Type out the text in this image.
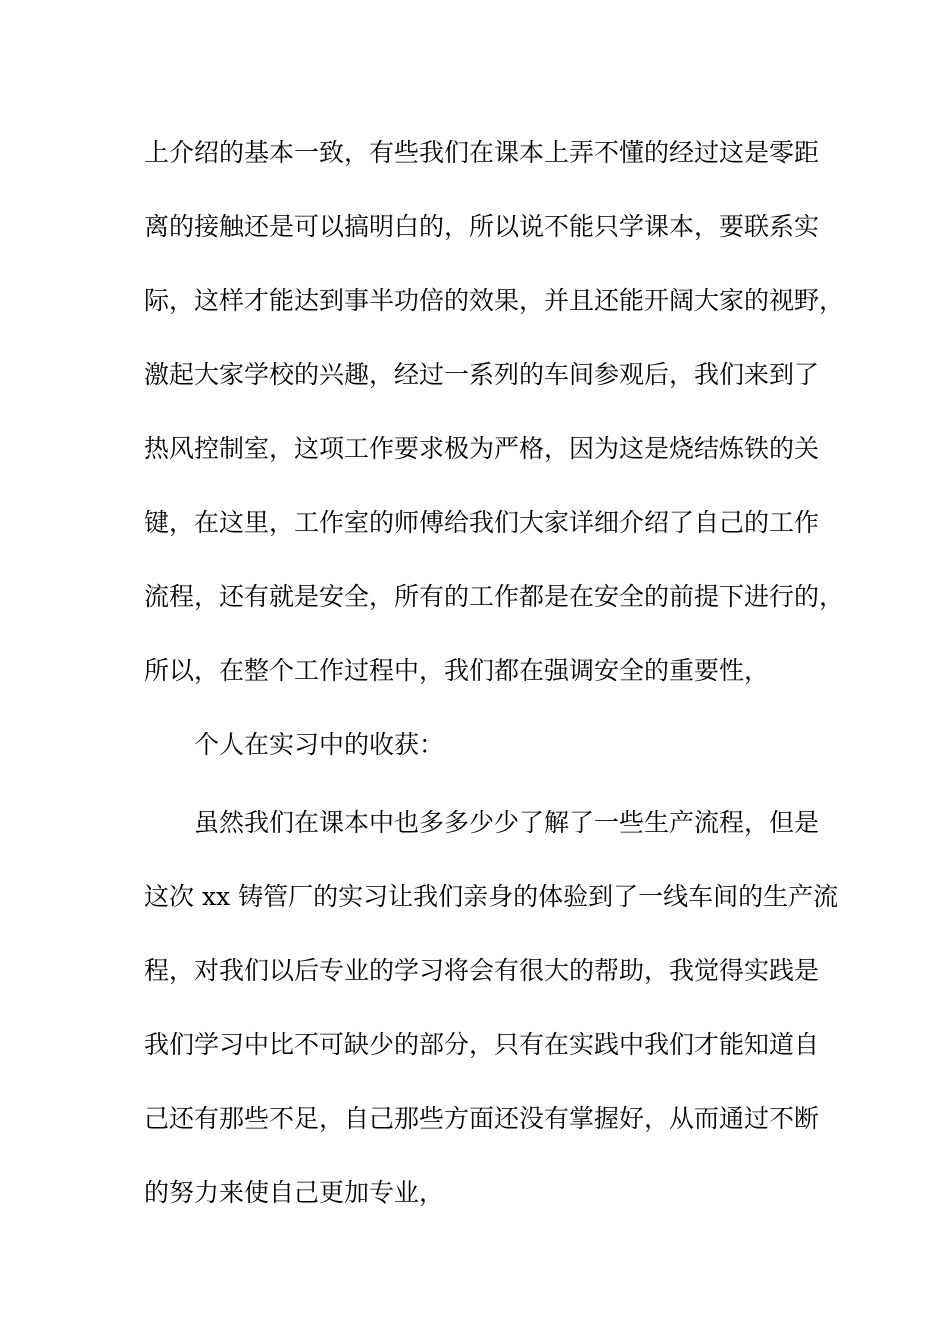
上介绍的基本一致，有些我们在课本上弄不懂的经过这是零距
离的接触还是可以搞明白的，所以说不能只学课本，要联系实
际，这样才能达到事半功倍的效果，并且还能开阔大家的视野，
激起大家学校的兴趣，经过一系列的车间参观后，我们来到了
热风控制室，这项工作要求极为严格，因为这是烧结炼铁的关
键，在这里，工作室的师傅给我们大家详细介绍了自己的工作
流程，还有就是安全，所有的工作都是在安全的前提下进行的，
所以，在整个工作过程中，我们都在强调安全的重要性，
个人在实习中的收获：
虽然我们在课本中也多多少少了解了一些生产流程，但是
这次 xx 铸管厂的实习让我们亲身的体验到了一线车间的生产流
程，对我们以后专业的学习将会有很大的帮助，我觉得实践是
我们学习中比不可缺少的部分，只有在实践中我们才能知道自
己还有那些不足，自己那些方面还没有掌握好，从而通过不断
的努力来使自己更加专业，
